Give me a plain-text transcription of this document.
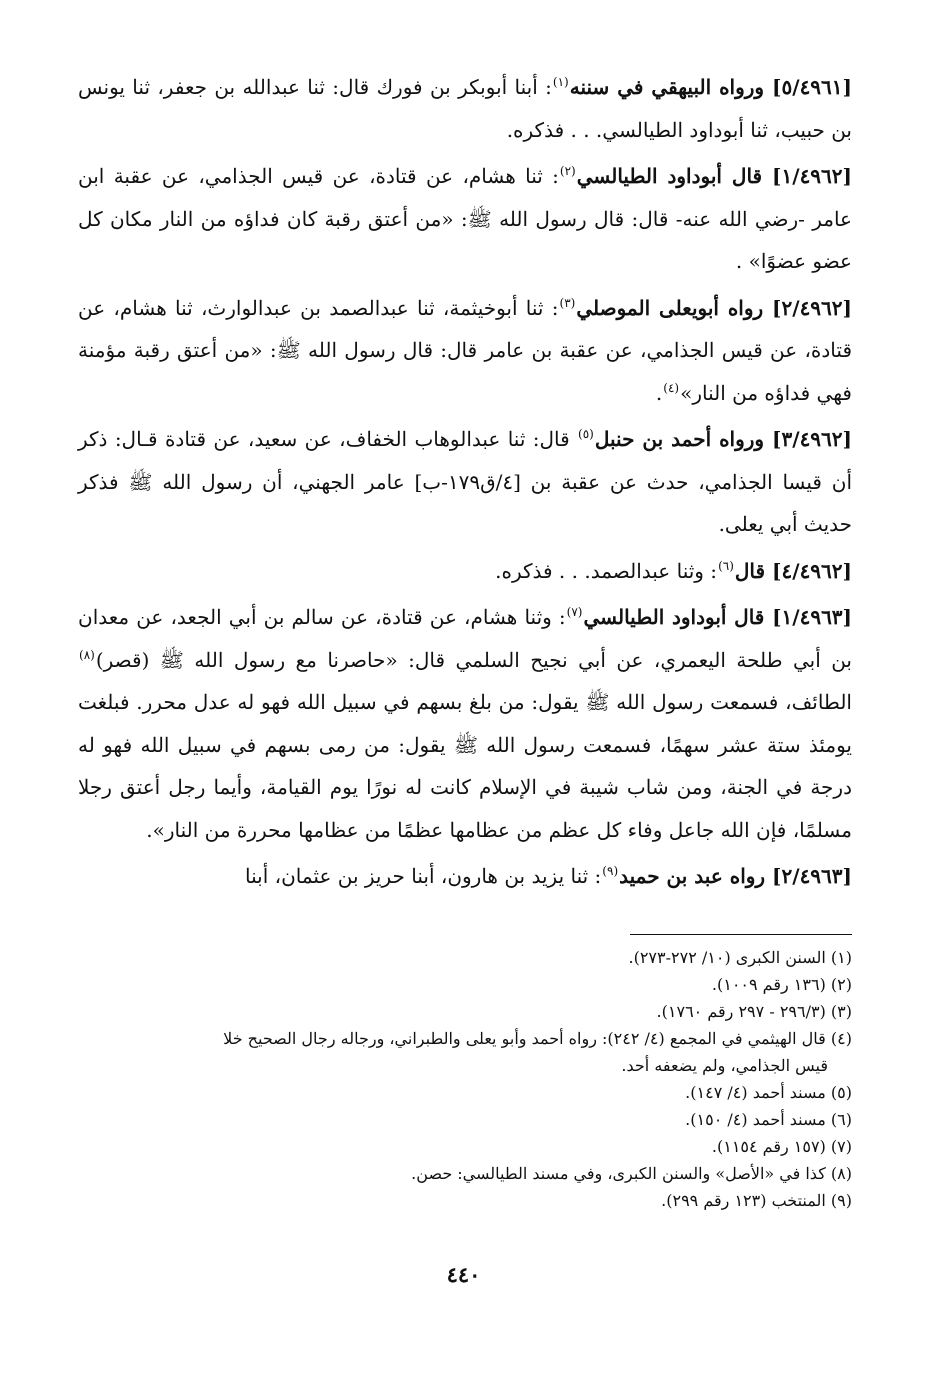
[٥/٤٩٦١] ورواه البيهقي في سننه$^{(١)}$: أبنا أبوبكر بن فورك قال: ثنا عبدالله بن جعفر، ثنا يونس بن حبيب، ثنا أبوداود الطيالسي. . . فذكره.

[١/٤٩٦٢] قال أبوداود الطيالسي$^{(٢)}$: ثنا هشام، عن قتادة، عن قيس الجذامي، عن عقبة ابن عامر -رضي الله عنه- قال: قال رسول الله ﷺ: «من أعتق رقبة كان فداؤه من النار مكان كل عضو عضوًا» .

[٢/٤٩٦٢] رواه أبويعلى الموصلي$^{(٣)}$: ثنا أبوخيثمة، ثنا عبدالصمد بن عبدالوارث، ثنا هشام، عن قتادة، عن قيس الجذامي، عن عقبة بن عامر قال: قال رسول الله ﷺ: «من أعتق رقبة مؤمنة فهي فداؤه من النار»$^{(٤)}$.

[٣/٤٩٦٢] ورواه أحمد بن حنبل$^{(٥)}$ قال: ثنا عبدالوهاب الخفاف، عن سعيد، عن قتادة قـال: ذكر أن قيسا الجذامي، حدث عن عقبة بن [٤/ق١٧٩-ب] عامر الجهني، أن رسول الله ﷺ فذكر حديث أبي يعلى.

[٤/٤٩٦٢] قال$^{(٦)}$: وثنا عبدالصمد. . . فذكره.

[١/٤٩٦٣] قال أبوداود الطيالسي$^{(٧)}$: وثنا هشام، عن قتادة، عن سالم بن أبي الجعد، عن معدان بن أبي طلحة اليعمري، عن أبي نجيح السلمي قال: «حاصرنا مع رسول الله ﷺ (قصر)$^{(٨)}$ الطائف، فسمعت رسول الله ﷺ يقول: من بلغ بسهم في سبيل الله فهو له عدل محرر. فبلغت يومئذ ستة عشر سهمًا، فسمعت رسول الله ﷺ يقول: من رمى بسهم في سبيل الله فهو له درجة في الجنة، ومن شاب شيبة في الإسلام كانت له نورًا يوم القيامة، وأيما رجل أعتق رجلا مسلمًا، فإن الله جاعل وفاء كل عظم من عظامها عظمًا من عظامها محررة من النار».

[٢/٤٩٦٣] رواه عبد بن حميد$^{(٩)}$: ثنا يزيد بن هارون، أبنا حريز بن عثمان، أبنا

(١) السنن الكبرى (١٠/ ٢٧٢-٢٧٣).
(٢) (١٣٦ رقم ١٠٠٩).
(٣) (٢٩٦/٣ - ٢٩٧ رقم ١٧٦٠).
(٤) قال الهيثمي في المجمع (٤/ ٢٤٢): رواه أحمد وأبو يعلى والطبراني، ورجاله رجال الصحيح خلا
قيس الجذامي، ولم يضعفه أحد.
(٥) مسند أحمد (٤/ ١٤٧).
(٦) مسند أحمد (٤/ ١٥٠).
(٧) (١٥٧ رقم ١١٥٤).
(٨) كذا في «الأصل» والسنن الكبرى، وفي مسند الطيالسي: حصن.
(٩) المنتخب (١٢٣ رقم ٢٩٩).
٤٤٠
